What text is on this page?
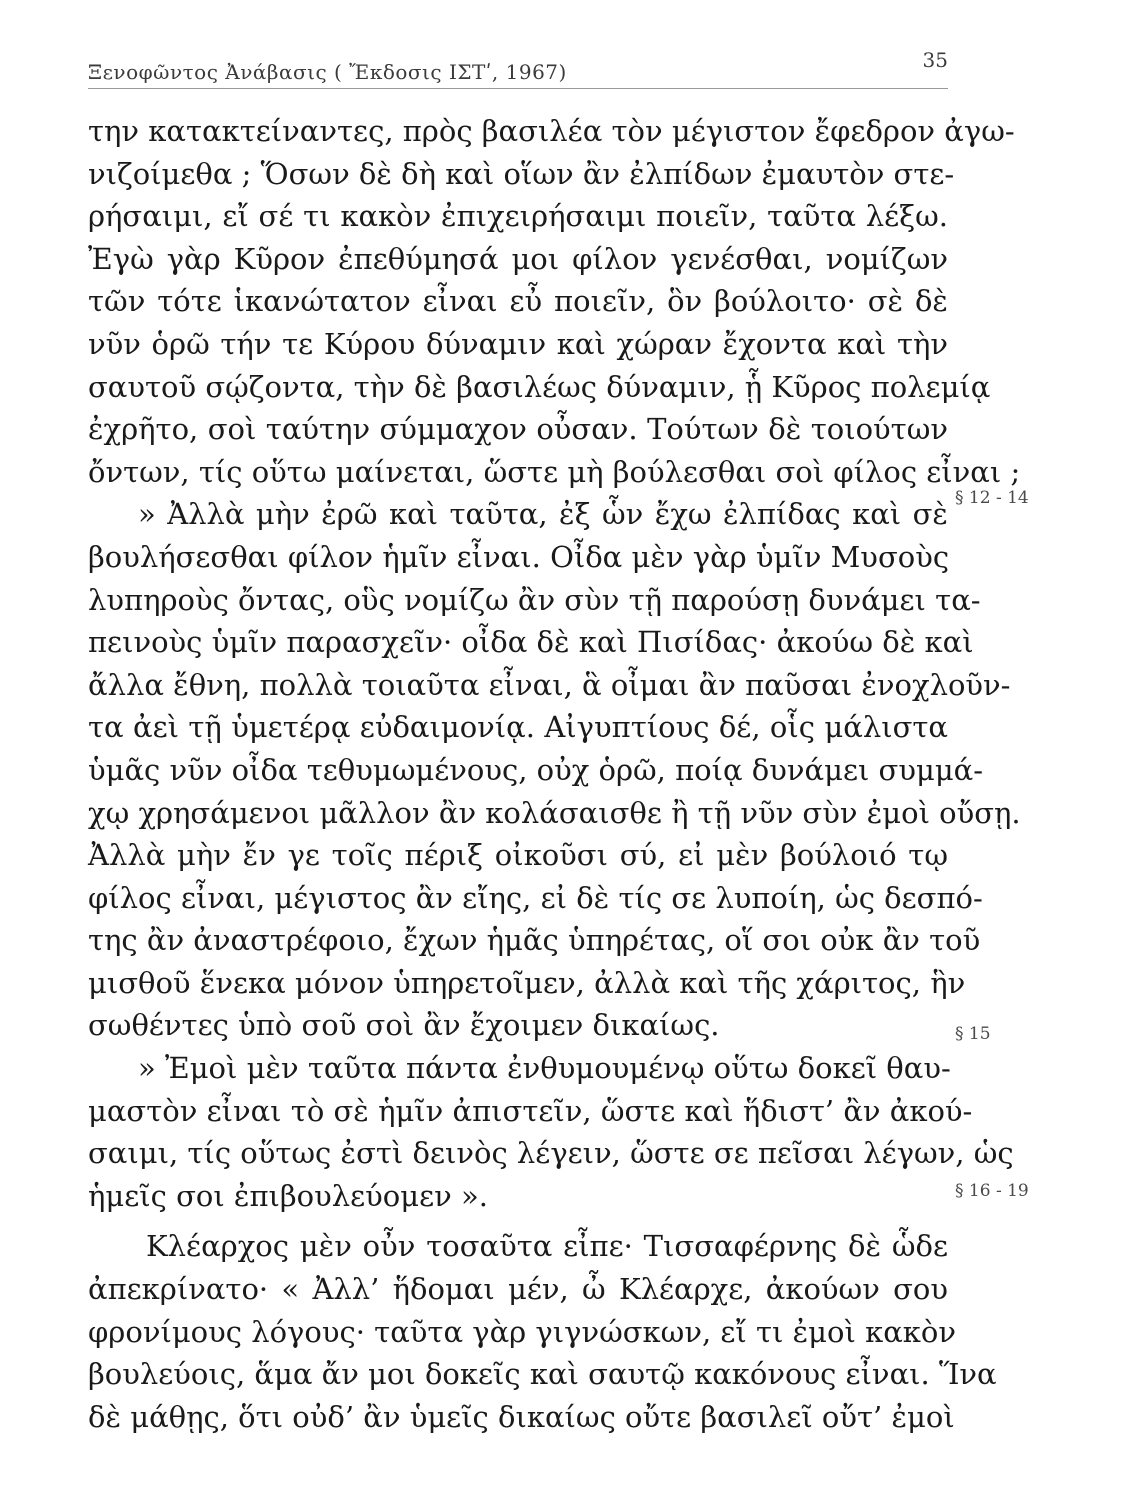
Ξενοφῶντος Ἀνάβασις ( Ἔκδοσις ΙΣΤʹ, 1967)	35
την κατακτείναντες, πρὸς βασιλέα τὸν μέγιστον ἔφεδρον ἀγω-
νιζοίμεθα ; Ὅσων δὲ δὴ καὶ οἵων ἂν ἐλπίδων ἐμαυτὸν στε-
ρήσαιμι, εἴ σέ τι κακὸν ἐπιχειρήσαιμι ποιεῖν, ταῦτα λέξω.
Ἐγὼ γὰρ Κῦρον ἐπεθύμησά μοι φίλον γενέσθαι, νομίζων
τῶν τότε ἱκανώτατον εἶναι εὖ ποιεῖν, ὃν βούλοιτο· σὲ δὲ
νῦν ὁρῶ τήν τε Κύρου δύναμιν καὶ χώραν ἔχοντα καὶ τὴν
σαυτοῦ σῴζοντα, τὴν δὲ βασιλέως δύναμιν, ᾗ Κῦρος πολεμίᾳ
ἐχρῆτο, σοὶ ταύτην σύμμαχον οὖσαν. Τούτων δὲ τοιούτων
ὄντων, τίς οὕτω μαίνεται, ὥστε μὴ βούλεσθαι σοὶ φίλος εἶναι ;
» Ἀλλὰ μὴν ἐρῶ καὶ ταῦτα, ἐξ ὧν ἔχω ἐλπίδας καὶ σὲ
βουλήσεσθαι φίλον ἡμῖν εἶναι. Οἶδα μὲν γὰρ ὑμῖν Μυσοὺς
λυπηροὺς ὄντας, οὓς νομίζω ἂν σὺν τῇ παρούσῃ δυνάμει τα-
πεινοὺς ὑμῖν παρασχεῖν· οἶδα δὲ καὶ Πισίδας· ἀκούω δὲ καὶ
ἄλλα ἔθνη, πολλὰ τοιαῦτα εἶναι, ἃ οἶμαι ἂν παῦσαι ἐνοχλοῦν-
τα ἀεὶ τῇ ὑμετέρᾳ εὐδαιμονίᾳ. Αἰγυπτίους δέ, οἷς μάλιστα
ὑμᾶς νῦν οἶδα τεθυμωμένους, οὐχ ὁρῶ, ποίᾳ δυνάμει συμμά-
χῳ χρησάμενοι μᾶλλον ἂν κολάσαισθε ἢ τῇ νῦν σὺν ἐμοὶ οὔσῃ.
Ἀλλὰ μὴν ἔν γε τοῖς πέριξ οἰκοῦσι σύ, εἰ μὲν βούλοιό τῳ
φίλος εἶναι, μέγιστος ἂν εἴης, εἰ δὲ τίς σε λυποίη, ὡς δεσπό-
της ἂν ἀναστρέφοιο, ἔχων ἡμᾶς ὑπηρέτας, οἵ σοι οὐκ ἂν τοῦ
μισθοῦ ἕνεκα μόνον ὑπηρετοῖμεν, ἀλλὰ καὶ τῆς χάριτος, ἣν
σωθέντες ὑπὸ σοῦ σοὶ ἂν ἔχοιμεν δικαίως.
» Ἐμοὶ μὲν ταῦτα πάντα ἐνθυμουμένῳ οὕτω δοκεῖ θαυ-
μαστὸν εἶναι τὸ σὲ ἡμῖν ἀπιστεῖν, ὥστε καὶ ἥδιστ’ ἂν ἀκού-
σαιμι, τίς οὕτως ἐστὶ δεινὸς λέγειν, ὥστε σε πεῖσαι λέγων, ὡς
ἡμεῖς σοι ἐπιβουλεύομεν ».
Κλέαρχος μὲν οὖν τοσαῦτα εἶπε· Τισσαφέρνης δὲ ὧδε
ἀπεκρίνατο· « Ἀλλ’ ἥδομαι μέν, ὦ Κλέαρχε, ἀκούων σου
φρονίμους λόγους· ταῦτα γὰρ γιγνώσκων, εἴ τι ἐμοὶ κακὸν
βουλεύοις, ἅμα ἄν μοι δοκεῖς καὶ σαυτῷ κακόνους εἶναι. Ἵνα
δὲ μάθῃς, ὅτι οὐδ’ ἂν ὑμεῖς δικαίως οὔτε βασιλεῖ οὔτ’ ἐμοὶ
§ 12 - 14
§ 15
§ 16 - 19
